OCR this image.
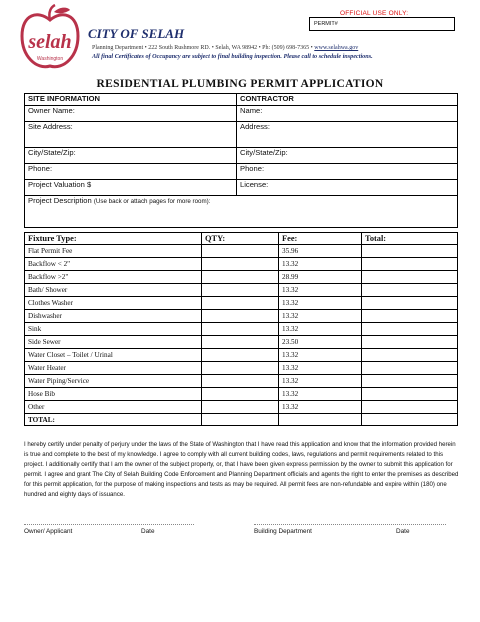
selah
Washington
CITY OF SELAH
Planning Department • 222 South Rushmore RD. • Selah, WA 98942 • Ph: (509) 698-7365 • www.selahwa.gov
All final Certificates of Occupancy are subject to final building inspection. Please call to schedule inspections.
OFFICIAL USE ONLY:
PERMIT#
RESIDENTIAL PLUMBING PERMIT APPLICATION
SITE INFORMATION	CONTRACTOR
Owner Name:	Name:
Site Address:	Address:
City/State/Zip:	City/State/Zip:
Phone:	Phone:
Project Valuation $	License:
Project Description (Use back or attach pages for more room):	
Fixture Type:	QTY:	Fee:	Total:
Flat Permit Fee		35.96	
Backflow < 2"		13.32	
Backflow >2"		28.99	
Bath/ Shower		13.32	
Clothes Washer		13.32	
Dishwasher		13.32	
Sink		13.32	
Side Sewer		23.50	
Water Closet – Toilet / Urinal		13.32	
Water Heater		13.32	
Water Piping/Service		13.32	
Hose Bib		13.32	
Other		13.32	
TOTAL:			
I hereby certify under penalty of perjury under the laws of the State of Washington that I have read this application and know that the information provided herein is true and complete to the best of my knowledge. I agree to comply with all current building codes, laws, regulations and permit requirements related to this project. I additionally certify that I am the owner of the subject property, or, that I have been given express permission by the owner to submit this application for permit. I agree and grant The City of Selah Building Code Enforcement and Planning Department officials and agents the right to enter the premises as described for this permit application, for the purpose of making inspections and tests as may be required. All permit fees are non-refundable and expire within (180) one hundred and eighty days of issuance.
Owner/ Applicant	Date	Building Department	Date
